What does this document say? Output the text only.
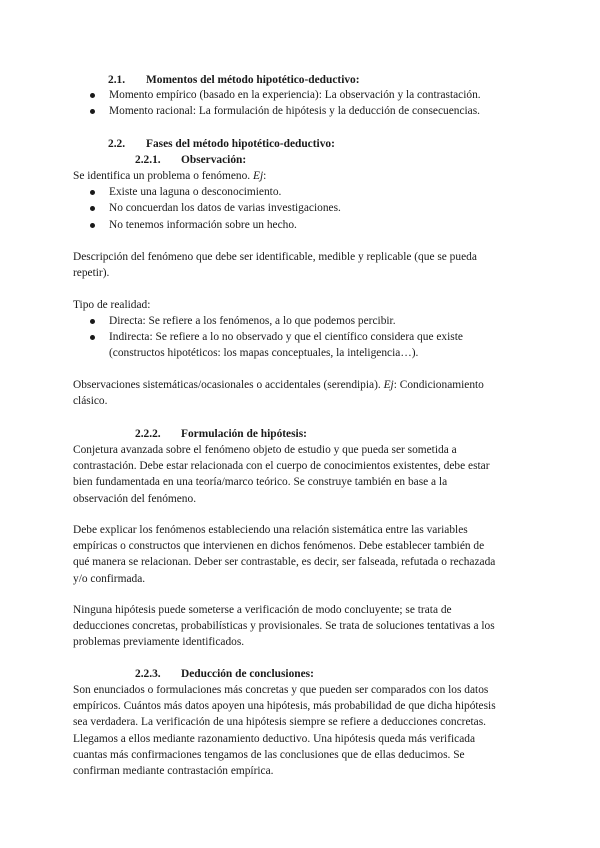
2.1. Momentos del método hipotético-deductivo:
Momento empírico (basado en la experiencia): La observación y la contrastación.
Momento racional: La formulación de hipótesis y la deducción de consecuencias.
2.2. Fases del método hipotético-deductivo:
2.2.1. Observación:
Se identifica un problema o fenómeno. Ej:
Existe una laguna o desconocimiento.
No concuerdan los datos de varias investigaciones.
No tenemos información sobre un hecho.
Descripción del fenómeno que debe ser identificable, medible y replicable (que se pueda
repetir).
Tipo de realidad:
Directa: Se refiere a los fenómenos, a lo que podemos percibir.
Indirecta: Se refiere a lo no observado y que el científico considera que existe
(constructos hipotéticos: los mapas conceptuales, la inteligencia…).
Observaciones sistemáticas/ocasionales o accidentales (serendipia). Ej: Condicionamiento
clásico.
2.2.2. Formulación de hipótesis:
Conjetura avanzada sobre el fenómeno objeto de estudio y que pueda ser sometida a
contrastación. Debe estar relacionada con el cuerpo de conocimientos existentes, debe estar
bien fundamentada en una teoría/marco teórico. Se construye también en base a la
observación del fenómeno.
Debe explicar los fenómenos estableciendo una relación sistemática entre las variables
empíricas o constructos que intervienen en dichos fenómenos. Debe establecer también de
qué manera se relacionan. Deber ser contrastable, es decir, ser falseada, refutada o rechazada
y/o confirmada.
Ninguna hipótesis puede someterse a verificación de modo concluyente; se trata de
deducciones concretas, probabilísticas y provisionales. Se trata de soluciones tentativas a los
problemas previamente identificados.
2.2.3. Deducción de conclusiones:
Son enunciados o formulaciones más concretas y que pueden ser comparados con los datos
empíricos. Cuántos más datos apoyen una hipótesis, más probabilidad de que dicha hipótesis
sea verdadera. La verificación de una hipótesis siempre se refiere a deducciones concretas.
Llegamos a ellos mediante razonamiento deductivo. Una hipótesis queda más verificada
cuantas más confirmaciones tengamos de las conclusiones que de ellas deducimos. Se
confirman mediante contrastación empírica.
